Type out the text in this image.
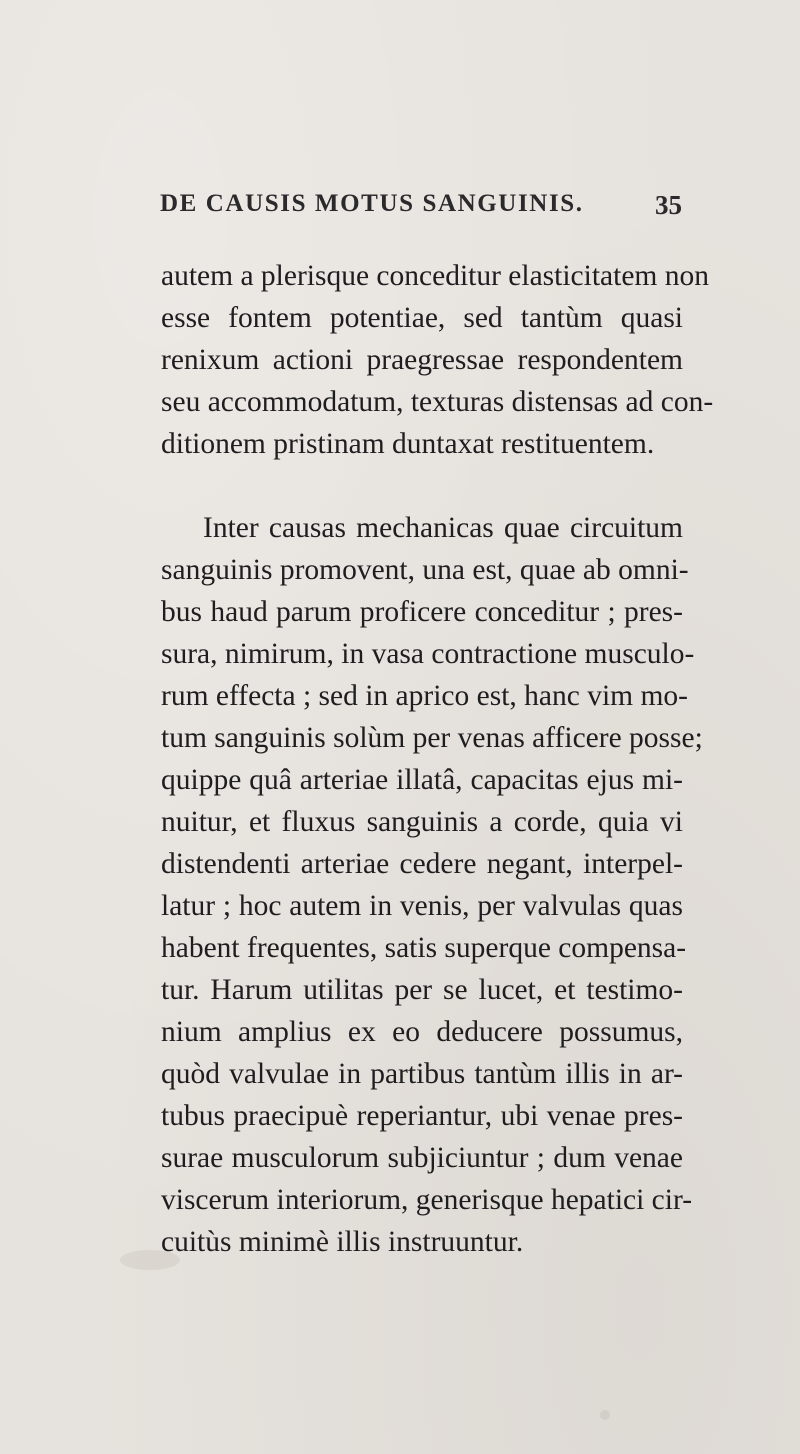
DE CAUSIS MOTUS SANGUINIS.	35
autem a plerisque conceditur elasticitatem non
esse fontem potentiae, sed tantùm quasi
renixum actioni praegressae respondentem
seu accommodatum, texturas distensas ad con-
ditionem pristinam duntaxat restituentem.
Inter causas mechanicas quae circuitum
sanguinis promovent, una est, quae ab omni-
bus haud parum proficere conceditur ; pres-
sura, nimirum, in vasa contractione musculo-
rum effecta ; sed in aprico est, hanc vim mo-
tum sanguinis solùm per venas afficere posse;
quippe quâ arteriae illatâ, capacitas ejus mi-
nuitur, et fluxus sanguinis a corde, quia vi
distendenti arteriae cedere negant, interpel-
latur ; hoc autem in venis, per valvulas quas
habent frequentes, satis superque compensa-
tur. Harum utilitas per se lucet, et testimo-
nium amplius ex eo deducere possumus,
quòd valvulae in partibus tantùm illis in ar-
tubus praecipuè reperiantur, ubi venae pres-
surae musculorum subjiciuntur ; dum venae
viscerum interiorum, generisque hepatici cir-
cuitùs minimè illis instruuntur.
